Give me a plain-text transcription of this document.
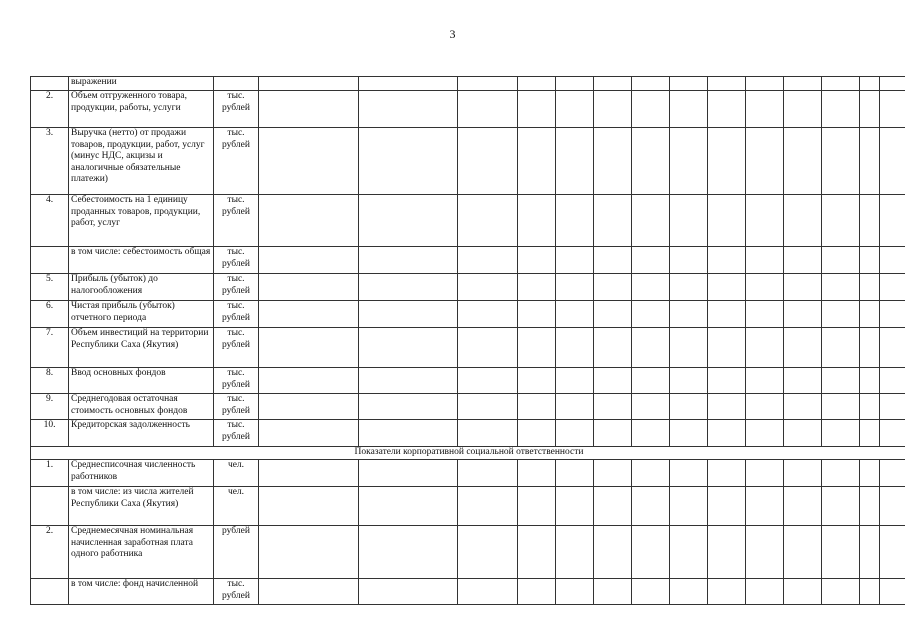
3
	выражении															
2.	Объем отгруженного товара, продукции, работы, услуги	тыс. рублей														
3.	Выручка (нетто) от продажи товаров, продукции, работ, услуг (минус НДС, акцизы и аналогичные обязательные платежи)	тыс. рублей														
4.	Себестоимость на 1 единицу проданных товаров, продукции, работ, услуг	тыс. рублей														
	в том числе: себестоимость общая	тыс. рублей														
5.	Прибыль (убыток) до налогообложения	тыс. рублей														
6.	Чистая прибыль (убыток) отчетного периода	тыс. рублей														
7.	Объем инвестиций на территории Республики Саха (Якутия)	тыс. рублей														
8.	Ввод основных фондов	тыс. рублей														
9.	Среднегодовая остаточная стоимость основных фондов	тыс. рублей														
10.	Кредиторская задолженность	тыс. рублей														
Показатели корпоративной социальной ответственности																
1.	Среднесписочная численность работников	чел.														
	в том числе: из числа жителей Республики Саха (Якутия)	чел.														
2.	Среднемесячная номинальная начисленная заработная плата одного работника	рублей														
	в том числе: фонд начисленной	тыс. рублей														
